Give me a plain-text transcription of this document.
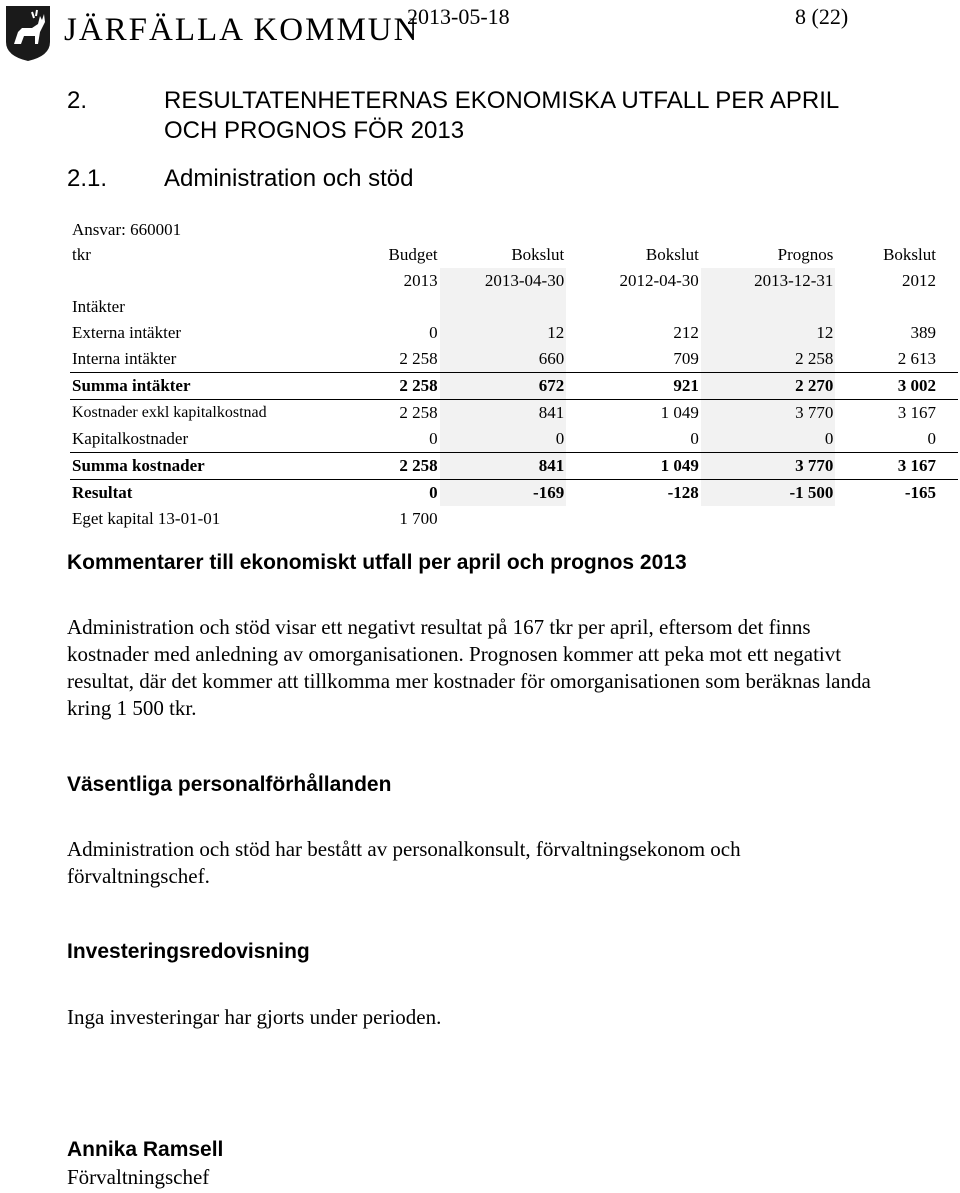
JÄRFÄLLA KOMMUN
2013-05-18	8 (22)
2.	RESULTATENHETERNAS EKONOMISKA UTFALL PER APRIL
OCH PROGNOS FÖR 2013
2.1. Administration och stöd
Ansvar: 660001
tkr	Budget	Bokslut	Bokslut	Prognos	Bokslut
	2013	2013-04-30	2012-04-30	2013-12-31	2012
Intäkter					
Externa intäkter	0	12	212	12	389
Interna intäkter	2 258	660	709	2 258	2 613
Summa intäkter	2 258	672	921	2 270	3 002
Kostnader exkl kapitalkostnad	2 258	841	1 049	3 770	3 167
Kapitalkostnader	0	0	0	0	0
Summa kostnader	2 258	841	1 049	3 770	3 167
Resultat	0	-169	-128	-1 500	-165
Eget kapital 13-01-01	1 700				
Kommentarer till ekonomiskt utfall per april och prognos 2013
Administration och stöd visar ett negativt resultat på 167 tkr per april, eftersom det finns kostnader med anledning av omorganisationen. Prognosen kommer att peka mot ett negativt resultat, där det kommer att tillkomma mer kostnader för omorganisationen som beräknas landa kring 1 500 tkr.
Väsentliga personalförhållanden
Administration och stöd har bestått av personalkonsult, förvaltningsekonom och förvaltningschef.
Investeringsredovisning
Inga investeringar har gjorts under perioden.
Annika Ramsell
Förvaltningschef
